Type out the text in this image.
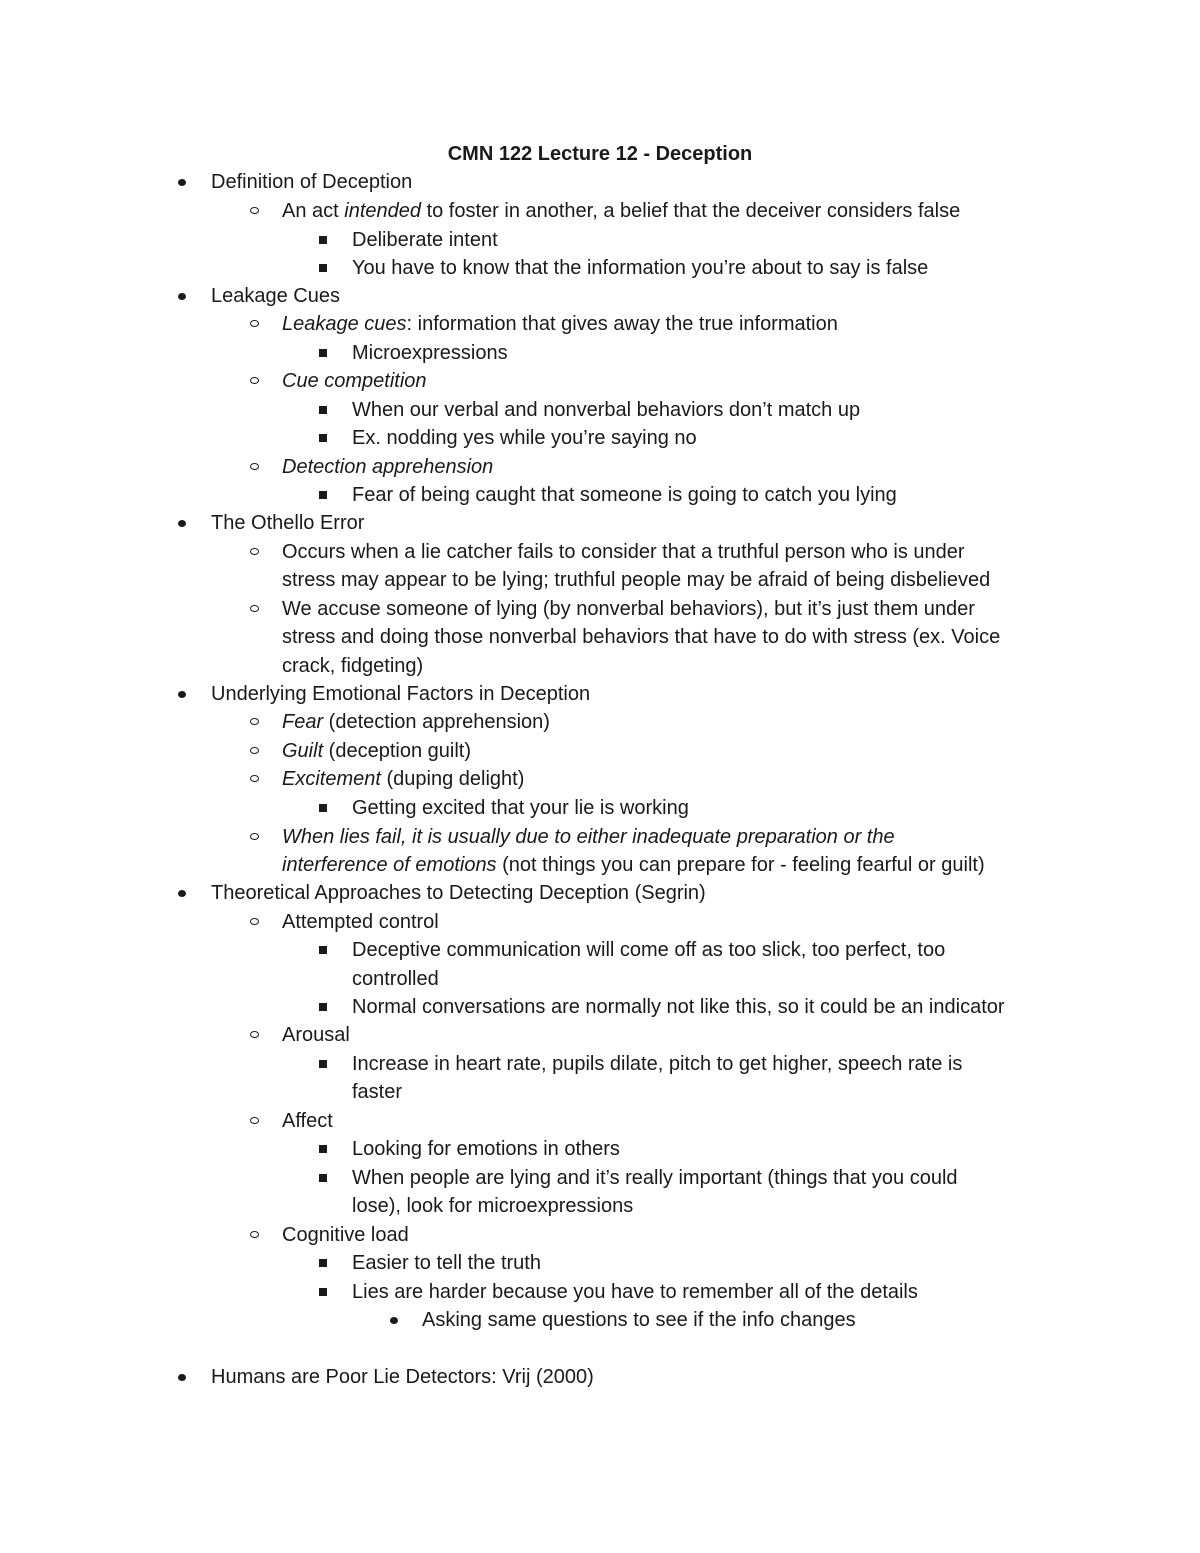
CMN 122 Lecture 12 - Deception
Definition of Deception
An act intended to foster in another, a belief that the deceiver considers false
Deliberate intent
You have to know that the information you’re about to say is false
Leakage Cues
Leakage cues: information that gives away the true information
Microexpressions
Cue competition
When our verbal and nonverbal behaviors don’t match up
Ex. nodding yes while you’re saying no
Detection apprehension
Fear of being caught that someone is going to catch you lying
The Othello Error
Occurs when a lie catcher fails to consider that a truthful person who is under
stress may appear to be lying; truthful people may be afraid of being disbelieved
We accuse someone of lying (by nonverbal behaviors), but it’s just them under
stress and doing those nonverbal behaviors that have to do with stress (ex. Voice
crack, fidgeting)
Underlying Emotional Factors in Deception
Fear (detection apprehension)
Guilt (deception guilt)
Excitement (duping delight)
Getting excited that your lie is working
When lies fail, it is usually due to either inadequate preparation or the
interference of emotions (not things you can prepare for - feeling fearful or guilt)
Theoretical Approaches to Detecting Deception (Segrin)
Attempted control
Deceptive communication will come off as too slick, too perfect, too
controlled
Normal conversations are normally not like this, so it could be an indicator
Arousal
Increase in heart rate, pupils dilate, pitch to get higher, speech rate is
faster
Affect
Looking for emotions in others
When people are lying and it’s really important (things that you could
lose), look for microexpressions
Cognitive load
Easier to tell the truth
Lies are harder because you have to remember all of the details
Asking same questions to see if the info changes
Humans are Poor Lie Detectors: Vrij (2000)
